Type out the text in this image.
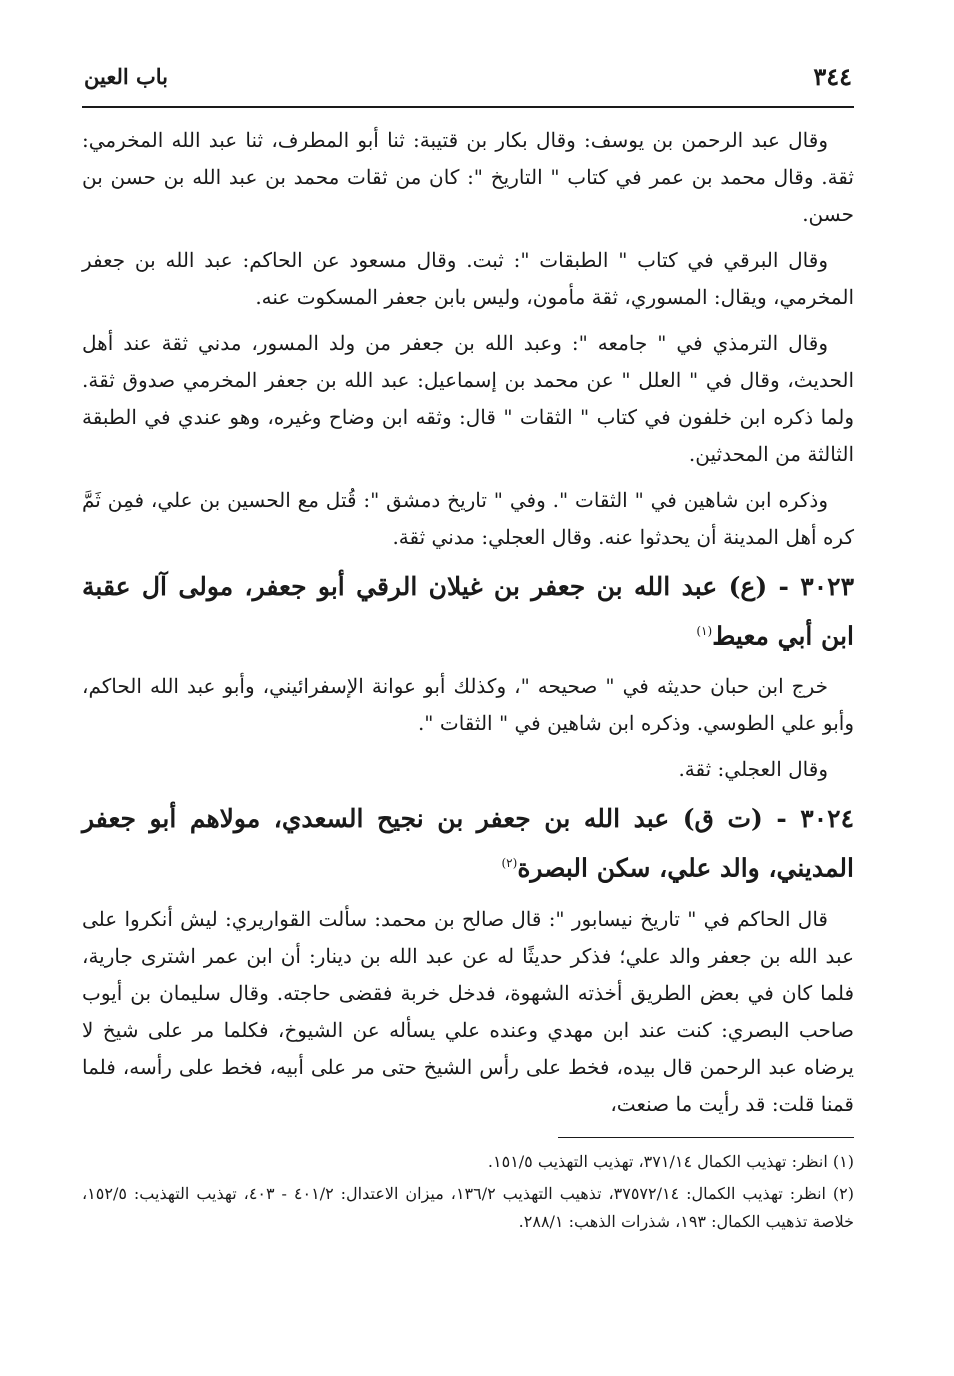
٣٤٤
باب العين

وقال عبد الرحمن بن يوسف: وقال بكار بن قتيبة: ثنا أبو المطرف، ثنا عبد الله المخرمي: ثقة. وقال محمد بن عمر في كتاب " التاريخ ": كان من ثقات محمد بن عبد الله بن حسن بن حسن.

وقال البرقي في كتاب " الطبقات ": ثبت. وقال مسعود عن الحاكم: عبد الله بن جعفر المخرمي، ويقال: المسوري، ثقة مأمون، وليس بابن جعفر المسكوت عنه.

وقال الترمذي في " جامعه ": وعبد الله بن جعفر من ولد المسور، مدني ثقة عند أهل الحديث، وقال في " العلل " عن محمد بن إسماعيل: عبد الله بن جعفر المخرمي صدوق ثقة. ولما ذكره ابن خلفون في كتاب " الثقات " قال: وثقه ابن وضاح وغيره، وهو عندي في الطبقة الثالثة من المحدثين.

وذكره ابن شاهين في " الثقات ". وفي " تاريخ دمشق ": قُتل مع الحسين بن علي، فمِن ثَمَّ كره أهل المدينة أن يحدثوا عنه. وقال العجلي: مدني ثقة.

٣٠٢٣ - (ع) عبد الله بن جعفر بن غيلان الرقي أبو جعفر، مولى آل عقبة ابن أبي معيط$^{(١)}$

خرج ابن حبان حديثه في " صحيحه "، وكذلك أبو عوانة الإسفرائيني، وأبو عبد الله الحاكم، وأبو علي الطوسي. وذكره ابن شاهين في " الثقات ".

وقال العجلي: ثقة.

٣٠٢٤ - (ت ق) عبد الله بن جعفر بن نجيح السعدي، مولاهم أبو جعفر المديني، والد علي، سكن البصرة$^{(٢)}$

قال الحاكم في " تاريخ نيسابور ": قال صالح بن محمد: سألت القواريري: ليش أنكروا على عبد الله بن جعفر والد علي؛ فذكر حديثًا له عن عبد الله بن دينار: أن ابن عمر اشترى جارية، فلما كان في بعض الطريق أخذته الشهوة، فدخل خربة فقضى حاجته. وقال سليمان بن أيوب صاحب البصري: كنت عند ابن مهدي وعنده علي يسأله عن الشيوخ، فكلما مر على شيخ لا يرضاه عبد الرحمن قال بيده، فخط على رأس الشيخ حتى مر على أبيه، فخط على رأسه، فلما قمنا قلت: قد رأيت ما صنعت،

(١) انظر: تهذيب الكمال ٣٧١/١٤، تهذيب التهذيب ١٥١/٥.

(٢) انظر: تهذيب الكمال: ٣٧٥٧٢/١٤، تذهيب التهذيب ١٣٦/٢، ميزان الاعتدال: ٤٠١/٢ - ٤٠٣، تهذيب التهذيب: ١٥٢/٥، خلاصة تذهيب الكمال: ١٩٣، شذرات الذهب: ٢٨٨/١.
